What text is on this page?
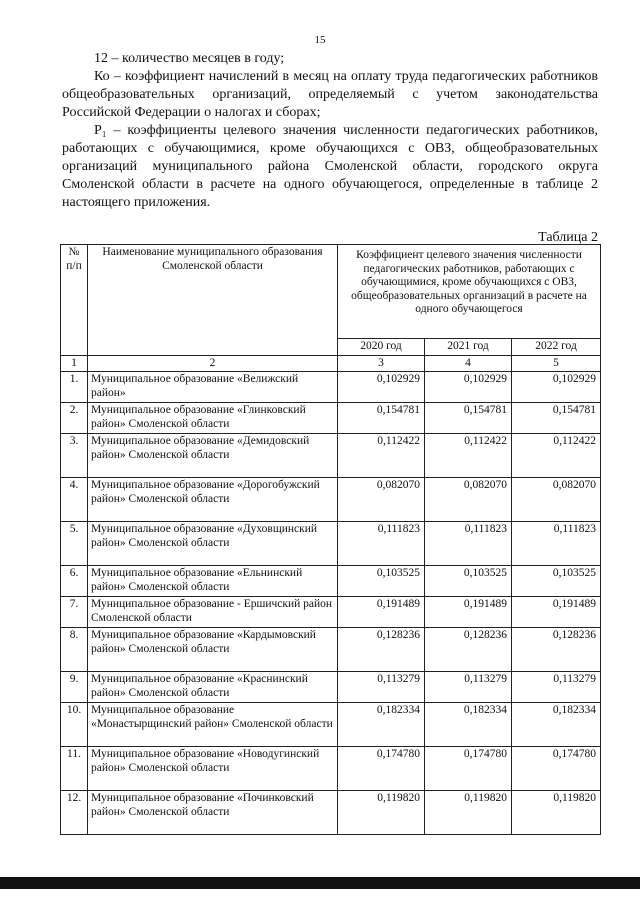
15

12 – количество месяцев в году;

Ко – коэффициент начислений в месяц на оплату труда педагогических работников общеобразовательных организаций, определяемый с учетом законодательства Российской Федерации о налогах и сборах;

P₁ – коэффициенты целевого значения численности педагогических работников, работающих с обучающимися, кроме обучающихся с ОВЗ, общеобразовательных организаций муниципального района Смоленской области, городского округа Смоленской области в расчете на одного обучающегося, определенные в таблице 2 настоящего приложения.

Таблица 2
№ п/п	Наименование муниципального образования Смоленской области	Коэффициент целевого значения численности педагогических работников, работающих с обучающимися, кроме обучающихся с ОВЗ, общеобразовательных организаций в расчете на одного обучающегося		
		2020 год	2021 год	2022 год
1	2	3	4	5
1.	Муниципальное образование «Велижский район»	0,102929	0,102929	0,102929
2.	Муниципальное образование «Глинковский район» Смоленской области	0,154781	0,154781	0,154781
3.	Муниципальное образование «Демидовский район» Смоленской области	0,112422	0,112422	0,112422
4.	Муниципальное образование «Дорогобужский район» Смоленской области	0,082070	0,082070	0,082070
5.	Муниципальное образование «Духовщинский район» Смоленской области	0,111823	0,111823	0,111823
6.	Муниципальное образование «Ельнинский район» Смоленской области	0,103525	0,103525	0,103525
7.	Муниципальное образование - Ершичский район Смоленской области	0,191489	0,191489	0,191489
8.	Муниципальное образование «Кардымовский район» Смоленской области	0,128236	0,128236	0,128236
9.	Муниципальное образование «Краснинский район» Смоленской области	0,113279	0,113279	0,113279
10.	Муниципальное образование «Монастырщинский район» Смоленской области	0,182334	0,182334	0,182334
11.	Муниципальное образование «Новодугинский район» Смоленской области	0,174780	0,174780	0,174780
12.	Муниципальное образование «Починковский район» Смоленской области	0,119820	0,119820	0,119820
